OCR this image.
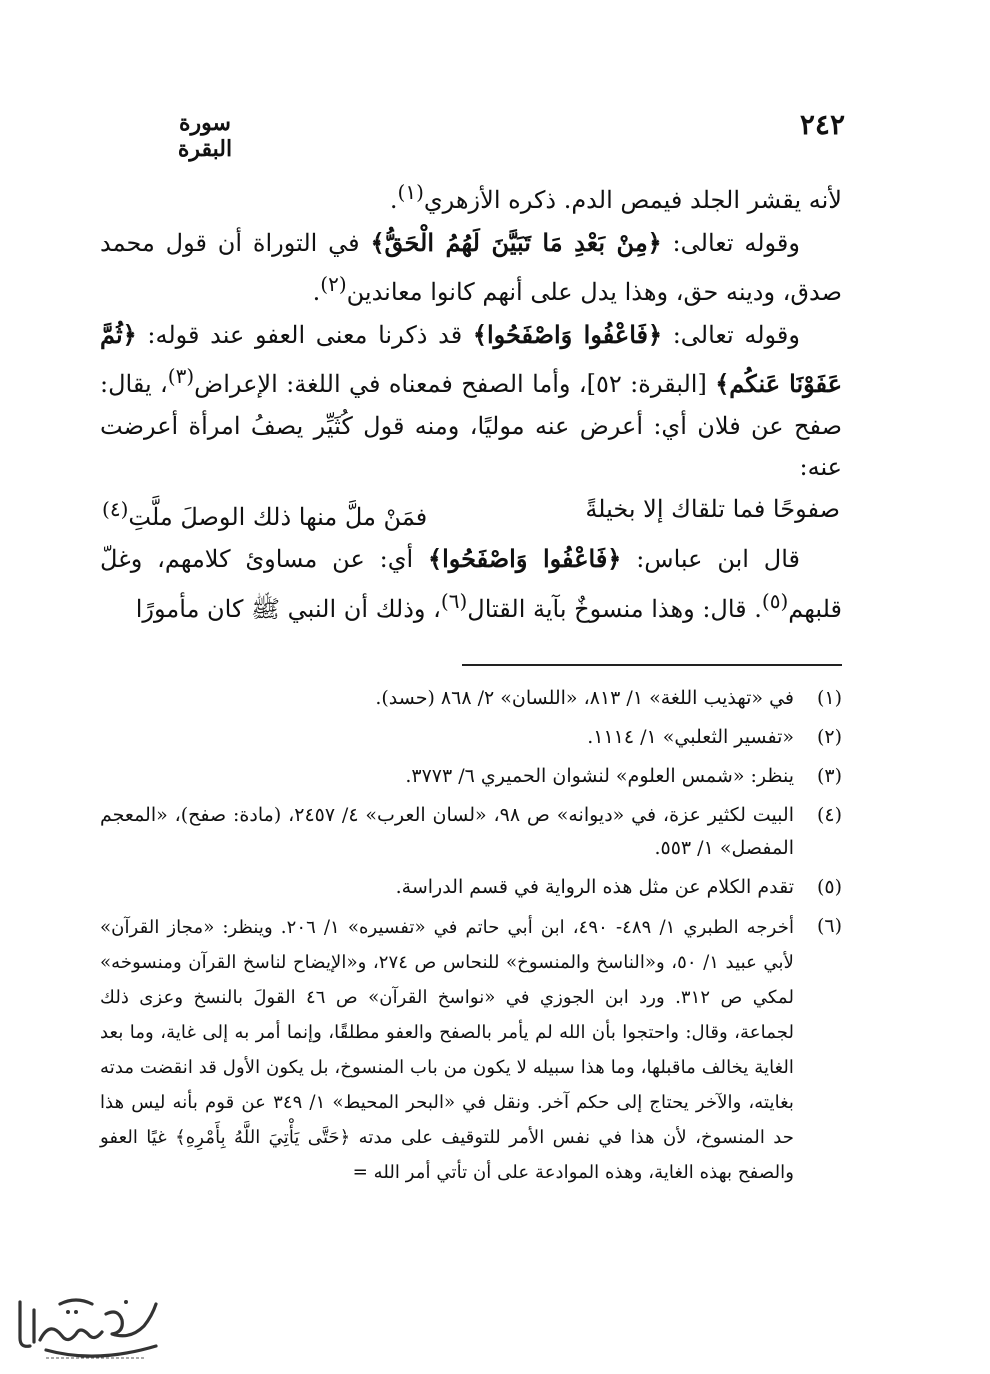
سورة البقرة
٢٤٢

لأنه يقشر الجلد فيمص الدم. ذكره الأزهري$^{(١)}$.

وقوله تعالى: ﴿مِنْ بَعْدِ مَا تَبَيَّنَ لَهُمُ الْحَقُّ﴾ في التوراة أن قول محمد صدق، ودينه حق، وهذا يدل على أنهم كانوا معاندين$^{(٢)}$.

وقوله تعالى: ﴿فَاعْفُوا وَاصْفَحُوا﴾ قد ذكرنا معنى العفو عند قوله: ﴿ثُمَّ عَفَوْنَا عَنكُم﴾ [البقرة: ٥٢]، وأما الصفح فمعناه في اللغة: الإعراض$^{(٣)}$، يقال: صفح عن فلان أي: أعرض عنه موليًا، ومنه قول كُثَيِّر يصفُ امرأة أعرضت عنه:

صفوحًا فما تلقاك إلا بخيلةً
فمَنْ ملَّ منها ذلك الوصلَ ملَّتِ$^{(٤)}$

قال ابن عباس: ﴿فَاعْفُوا وَاصْفَحُوا﴾ أي: عن مساوئ كلامهم، وغلّ قلبهم$^{(٥)}$. قال: وهذا منسوخٌ بآية القتال$^{(٦)}$، وذلك أن النبي ﷺ كان مأمورًا

(١)
في «تهذيب اللغة» ١/ ٨١٣، «اللسان» ٢/ ٨٦٨ (حسد).
(٢)
«تفسير الثعلبي» ١/ ١١١٤.
(٣)
ينظر: «شمس العلوم» لنشوان الحميري ٦/ ٣٧٧٣.
(٤)
البيت لكثير عزة، في «ديوانه» ص ٩٨، «لسان العرب» ٤/ ٢٤٥٧، (مادة: صفح)، «المعجم المفصل» ١/ ٥٥٣.
(٥)
تقدم الكلام عن مثل هذه الرواية في قسم الدراسة.
(٦)
أخرجه الطبري ١/ ٤٨٩- ٤٩٠، ابن أبي حاتم في «تفسيره» ١/ ٢٠٦. وينظر: «مجاز القرآن» لأبي عبيد ١/ ٥٠، و«الناسخ والمنسوخ» للنحاس ص ٢٧٤، و«الإيضاح لناسخ القرآن ومنسوخه» لمكي ص ٣١٢. ورد ابن الجوزي في «نواسخ القرآن» ص ٤٦ القولَ بالنسخ وعزى ذلك لجماعة، وقال: واحتجوا بأن الله لم يأمر بالصفح والعفو مطلقًا، وإنما أمر به إلى غاية، وما بعد الغاية يخالف ماقبلها، وما هذا سبيله لا يكون من باب المنسوخ، بل يكون الأول قد انقضت مدته بغايته، والآخر يحتاج إلى حكم آخر. ونقل في «البحر المحيط» ١/ ٣٤٩ عن قوم بأنه ليس هذا حد المنسوخ، لأن هذا في نفس الأمر للتوقيف على مدته ﴿حَتَّى يَأْتِيَ اللَّهُ بِأَمْرِهِ﴾ غيًا العفو والصفح بهذه الغاية، وهذه الموادعة على أن تأتي أمر الله =
